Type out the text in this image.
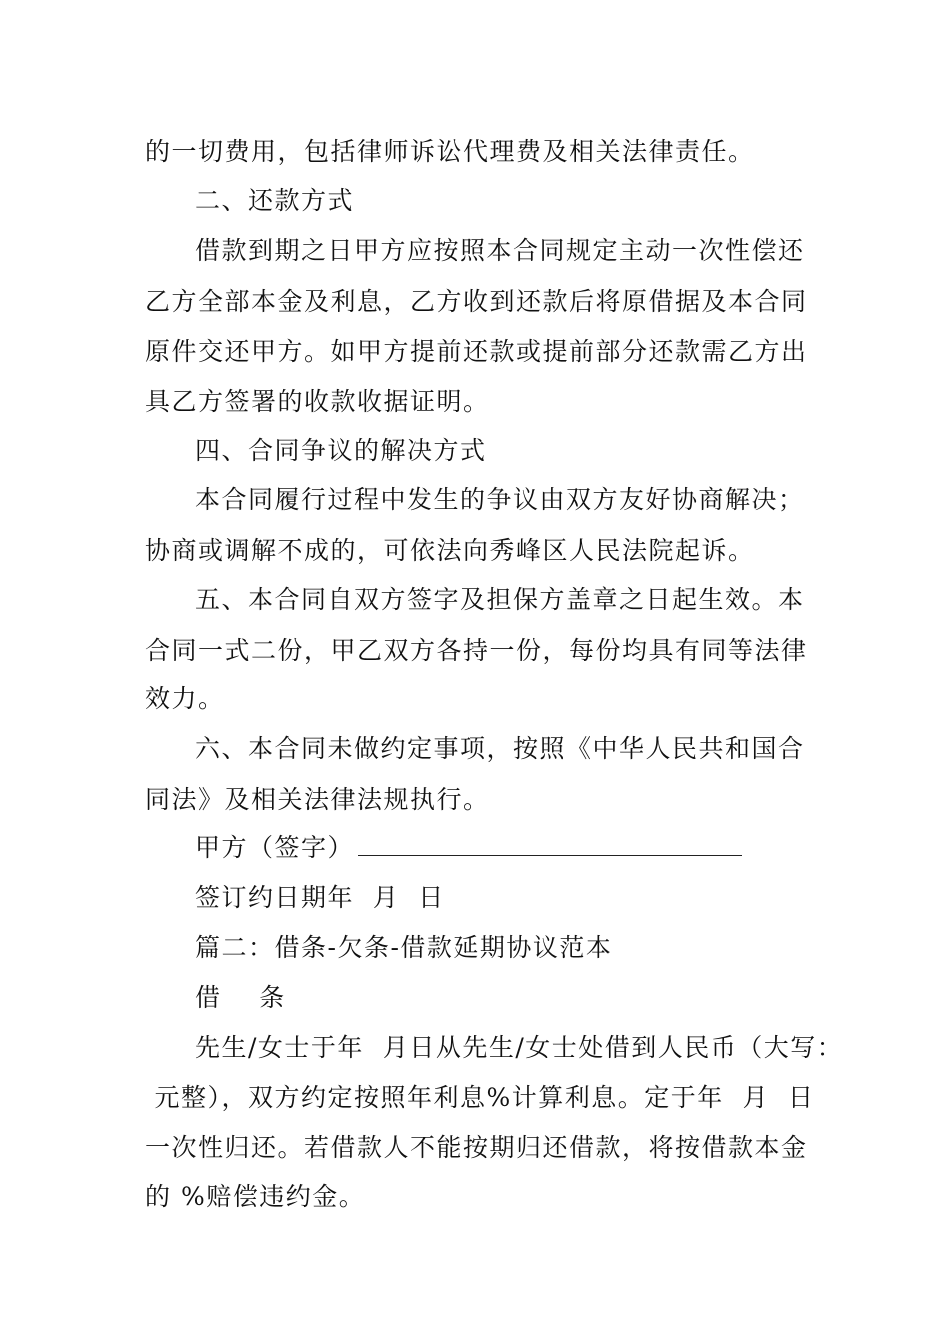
的一切费用，包括律师诉讼代理费及相关法律责任。
二、还款方式
借款到期之日甲方应按照本合同规定主动一次性偿还
乙方全部本金及利息，乙方收到还款后将原借据及本合同
原件交还甲方。如甲方提前还款或提前部分还款需乙方出
具乙方签署的收款收据证明。
四、合同争议的解决方式
本合同履行过程中发生的争议由双方友好协商解决；
协商或调解不成的，可依法向秀峰区人民法院起诉。
五、本合同自双方签字及担保方盖章之日起生效。本
合同一式二份，甲乙双方各持一份，每份均具有同等法律
效力。
六、本合同未做约定事项，按照《中华人民共和国合
同法》及相关法律法规执行。
甲方（签字）
签订约日期年  月  日
篇二：借条-欠条-借款延期协议范本
借    条
先生/女士于年  月日从先生/女士处借到人民币（大写：
元整），双方约定按照年利息%计算利息。定于年  月  日
一次性归还。若借款人不能按期归还借款，将按借款本金
的 %赔偿违约金。
